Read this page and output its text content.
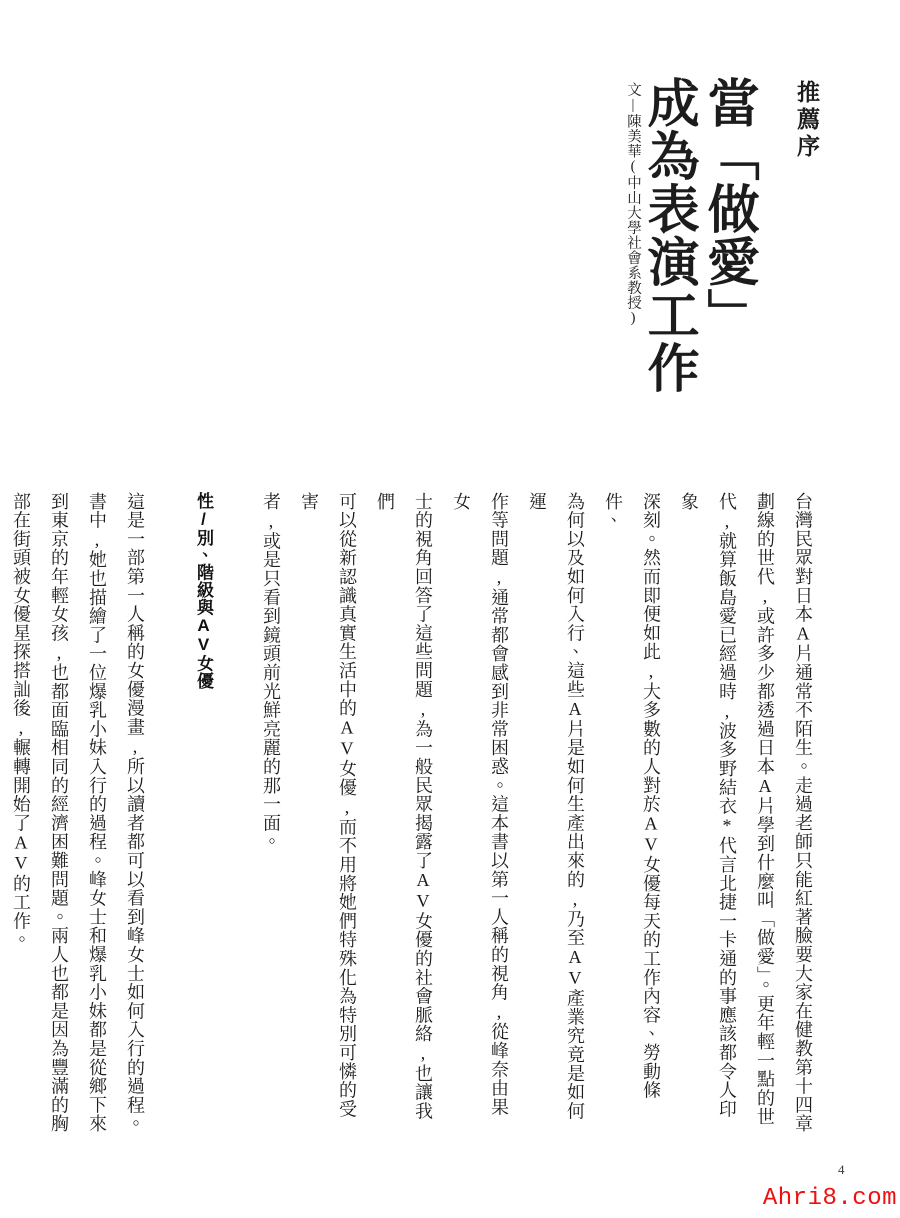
推薦序
當「做愛」
成為表演工作
文|陳美華(中山大學社會系教授)

台灣民眾對日本A片通常不陌生。走過老師只能紅著臉要大家在健教第十四章
劃線的世代,或許多少都透過日本A片學到什麼叫「做愛」。更年輕一點的世
代,就算飯島愛已經過時,波多野結衣*代言北捷一卡通的事應該都令人印象
深刻。然而即便如此,大多數的人對於AV女優每天的工作內容、勞動條件、
為何以及如何入行、這些A片是如何生產出來的,乃至AV產業究竟是如何運
作等問題,通常都會感到非常困惑。這本書以第一人稱的視角,從峰奈由果女
士的視角回答了這些問題,為一般民眾揭露了AV女優的社會脈絡,也讓我們
可以從新認識真實生活中的AV女優,而不用將她們特殊化為特別可憐的受害
者,或是只看到鏡頭前光鮮亮麗的那一面。

性/別、階級與AV女優

這是一部第一人稱的女優漫畫,所以讀者都可以看到峰女士如何入行的過程。
書中,她也描繪了一位爆乳小妹入行的過程。峰女士和爆乳小妹都是從鄉下來
到東京的年輕女孩,也都面臨相同的經濟困難問題。兩人也都是因為豐滿的胸
部在街頭被女優星探搭訕後,輾轉開始了AV的工作。

4
Ahri8.com
